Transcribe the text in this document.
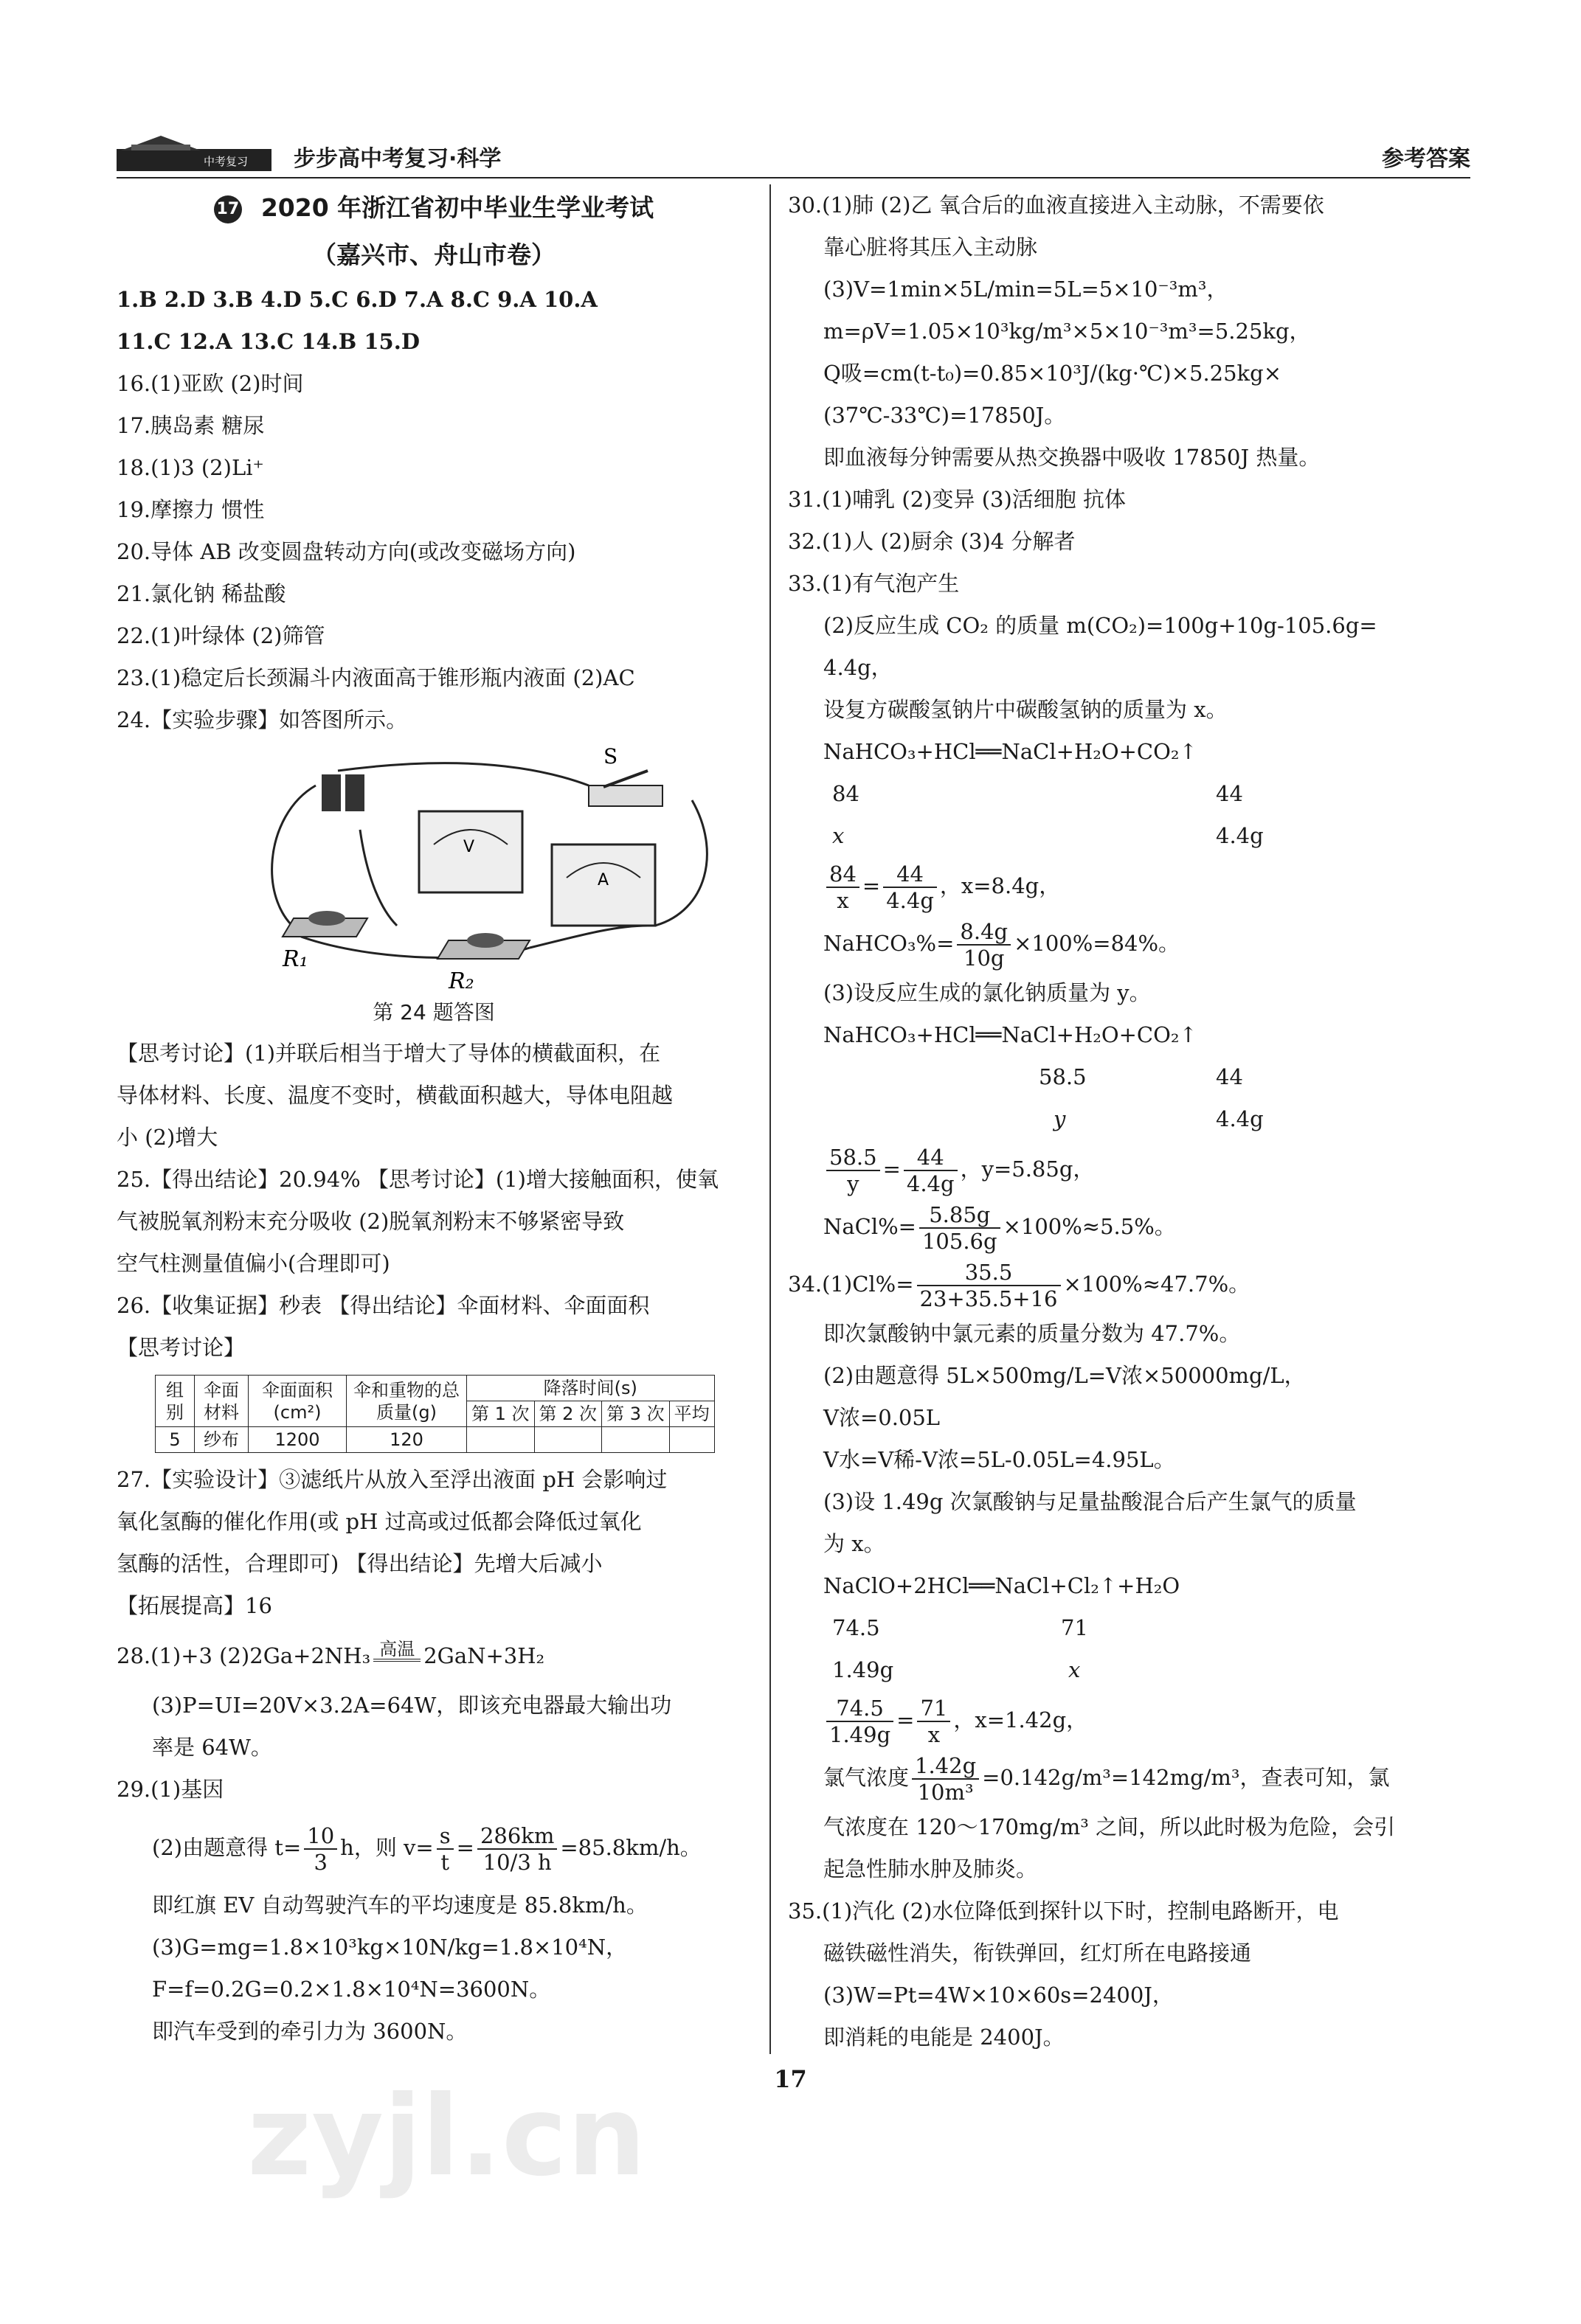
中考复习 步步高中考复习·科学	参考答案
17 2020 年浙江省初中毕业生学业考试
（嘉兴市、舟山市卷）
1.B 2.D 3.B 4.D 5.C 6.D 7.A 8.C 9.A 10.A
11.C 12.A 13.C 14.B 15.D
16.(1)亚欧 (2)时间
17.胰岛素 糖尿
18.(1)3 (2)Li⁺
19.摩擦力 惯性
20.导体 AB 改变圆盘转动方向(或改变磁场方向)
21.氯化钠 稀盐酸
22.(1)叶绿体 (2)筛管
23.(1)稳定后长颈漏斗内液面高于锥形瓶内液面 (2)AC
24.【实验步骤】如答图所示。
S
V
A
R₁
R₂
第 24 题答图
【思考讨论】(1)并联后相当于增大了导体的横截面积，在
导体材料、长度、温度不变时，横截面积越大，导体电阻越
小 (2)增大
25.【得出结论】20.94% 【思考讨论】(1)增大接触面积，使氧
气被脱氧剂粉末充分吸收 (2)脱氧剂粉末不够紧密导致
空气柱测量值偏小(合理即可)
26.【收集证据】秒表 【得出结论】伞面材料、伞面面积
【思考讨论】
组别	伞面材料	伞面面积(cm²)	伞和重物的总质量(g)	降落时间(s)			
				第 1 次	第 2 次	第 3 次	平均
5	纱布	1200	120				
27.【实验设计】③滤纸片从放入至浮出液面 pH 会影响过
氧化氢酶的催化作用(或 pH 过高或过低都会降低过氧化
氢酶的活性，合理即可) 【得出结论】先增大后减小
【拓展提高】16
28.(1)+3 (2)2Ga+2NH₃ 高温 2GaN+3H₂
(3)P=UI=20V×3.2A=64W，即该充电器最大输出功
率是 64W。
29.(1)基因
(2)由题意得 $t= \frac{10}{3}$ h，则 $v= \frac{s}{t} = \frac{286km}{10/3 h} =85.8km/h$。
即红旗 EV 自动驾驶汽车的平均速度是 85.8km/h。
(3)G=mg=1.8×10³kg×10N/kg=1.8×10⁴N，
F=f=0.2G=0.2×1.8×10⁴N=3600N。
即汽车受到的牵引力为 3600N。
30.(1)肺 (2)乙 氧合后的血液直接进入主动脉，不需要依
靠心脏将其压入主动脉
(3)V=1min×5L/min=5L=5×10⁻³m³，
m=ρV=1.05×10³kg/m³×5×10⁻³m³=5.25kg，
Q吸=cm(t-t₀)=0.85×10³J/(kg·℃)×5.25kg×
(37℃-33℃)=17850J。
即血液每分钟需要从热交换器中吸收 17850J 热量。
31.(1)哺乳 (2)变异 (3)活细胞 抗体
32.(1)人 (2)厨余 (3)4 分解者
33.(1)有气泡产生
(2)反应生成 CO₂ 的质量 m(CO₂)=100g+10g-105.6g=
4.4g，
设复方碳酸氢钠片中碳酸氢钠的质量为 x。
NaHCO₃+HCl══NaCl+H₂O+CO₂↑
84	44
x	4.4g
$\frac{84}{x} = \frac{44}{4.4g}$ ，x=8.4g，
NaHCO₃%= $\frac{8.4g}{10g} \times 100\%=84\%$。
(3)设反应生成的氯化钠质量为 y。
NaHCO₃+HCl══NaCl+H₂O+CO₂↑
58.5	44
y	4.4g
$\frac{58.5}{y} = \frac{44}{4.4g}$ ，y=5.85g，
NaCl%= $\frac{5.85g}{105.6g} \times 100\%\approx 5.5\%$。
$34.(1)Cl\%= \frac{35.5}{23+35.5+16} \times 100\%\approx 47.7\%$。
即次氯酸钠中氯元素的质量分数为 47.7%。
(2)由题意得 5L×500mg/L=V浓×50000mg/L，
V浓=0.05L
V水=V稀-V浓=5L-0.05L=4.95L。
(3)设 1.49g 次氯酸钠与足量盐酸混合后产生氯气的质量
为 x。
NaClO+2HCl══NaCl+Cl₂↑+H₂O
74.5	71
1.49g	x
$\frac{74.5}{1.49g} = \frac{71}{x}$ ，x=1.42g，
氯气浓度 $\frac{1.42g}{\text{10m³}} =0.142g/m^3=142mg/m^3$，查表可知，氯
气浓度在 120～170mg/m³ 之间，所以此时极为危险，会引
起急性肺水肿及肺炎。
35.(1)汽化 (2)水位降低到探针以下时，控制电路断开，电
磁铁磁性消失，衔铁弹回，红灯所在电路接通
(3)W=Pt=4W×10×60s=2400J，
即消耗的电能是 2400J。
zyjl.cn	17
